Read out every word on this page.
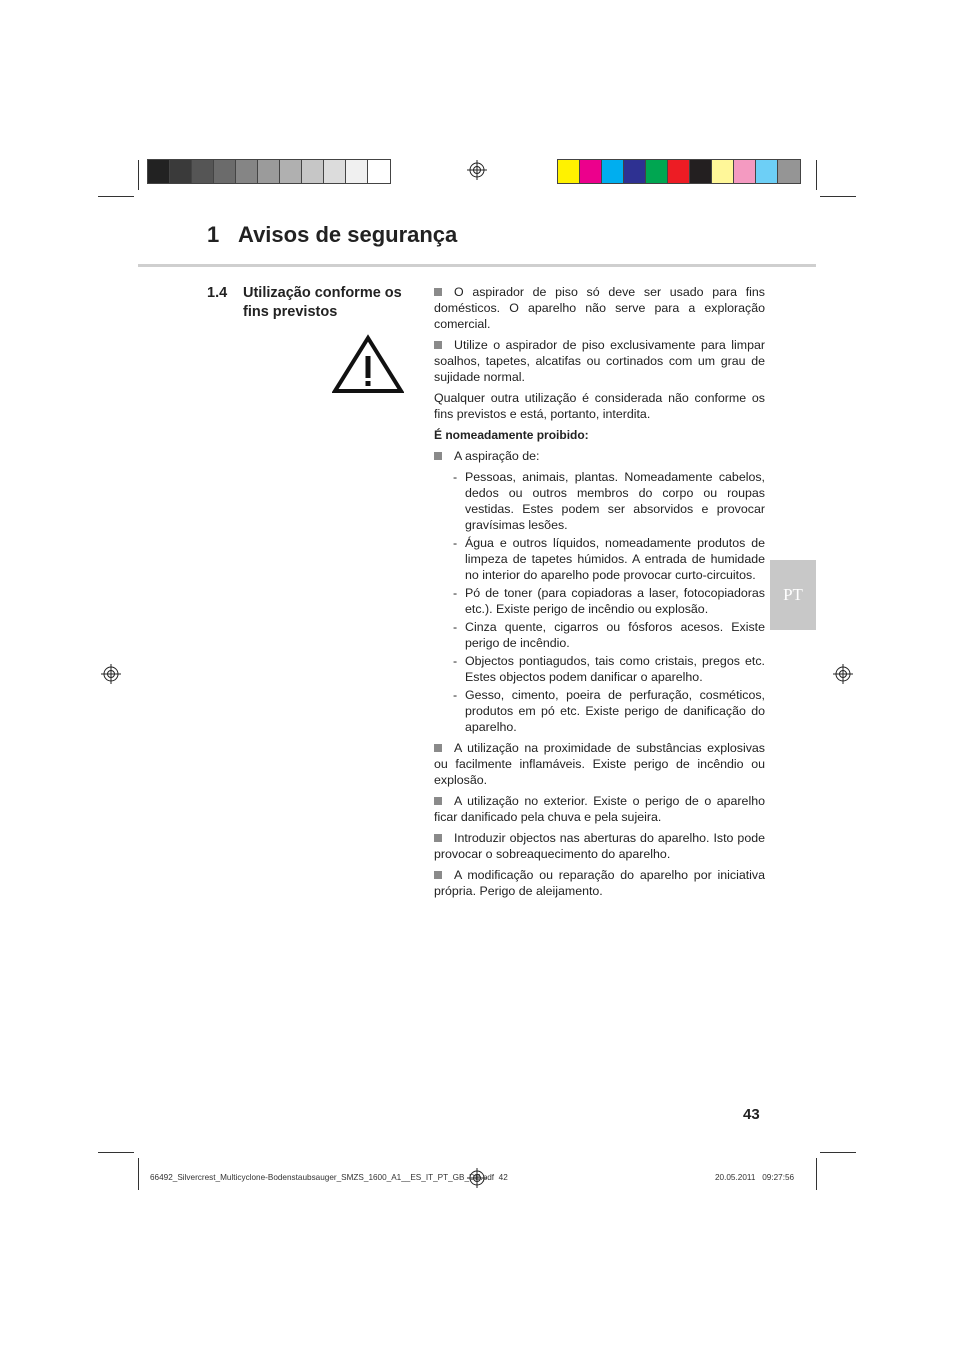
1 Avisos de segurança
1.4 Utilização conforme os fins previstos

O aspirador de piso só deve ser usado para fins domésticos. O aparelho não serve para a exploração comercial.

Utilize o aspirador de piso exclusivamente para limpar soalhos, tapetes, alcatifas ou cortinados com um grau de sujidade normal.

Qualquer outra utilização é considerada não conforme os fins previstos e está, portanto, interdita.

É nomeadamente proibido:

A aspiração de:

- Pessoas, animais, plantas. Nomeadamente cabelos, dedos ou outros membros do corpo ou roupas vestidas. Estes podem ser absorvidos e provocar gravísimas lesões.
- Água e outros líquidos, nomeadamente produtos de limpeza de tapetes húmidos. A entrada de humidade no interior do aparelho pode provocar curto-circuitos.
- Pó de toner (para copiadoras a laser, fotocopiadoras etc.). Existe perigo de incêndio ou explosão.
- Cinza quente, cigarros ou fósforos acesos. Existe perigo de incêndio.
- Objectos pontiagudos, tais como cristais, pregos etc. Estes objectos podem danificar o aparelho.
- Gesso, cimento, poeira de perfuração, cosméticos, produtos em pó etc. Existe perigo de danificação do aparelho.

A utilização na proximidade de substâncias explosivas ou facilmente inflamáveis. Existe perigo de incêndio ou explosão.

A utilização no exterior. Existe o perigo de o aparelho ficar danificado pela chuva e pela sujeira.

Introduzir objectos nas aberturas do aparelho. Isto pode provocar o sobreaquecimento do aparelho.

A modificação ou reparação do aparelho por iniciativa própria. Perigo de aleijamento.

PT
43
66492_Silvercrest_Multicyclone-Bodenstaubsauger_SMZS_1600_A1__ES_IT_PT_GB_DE.pdf 42	20.05.2011 09:27:56
